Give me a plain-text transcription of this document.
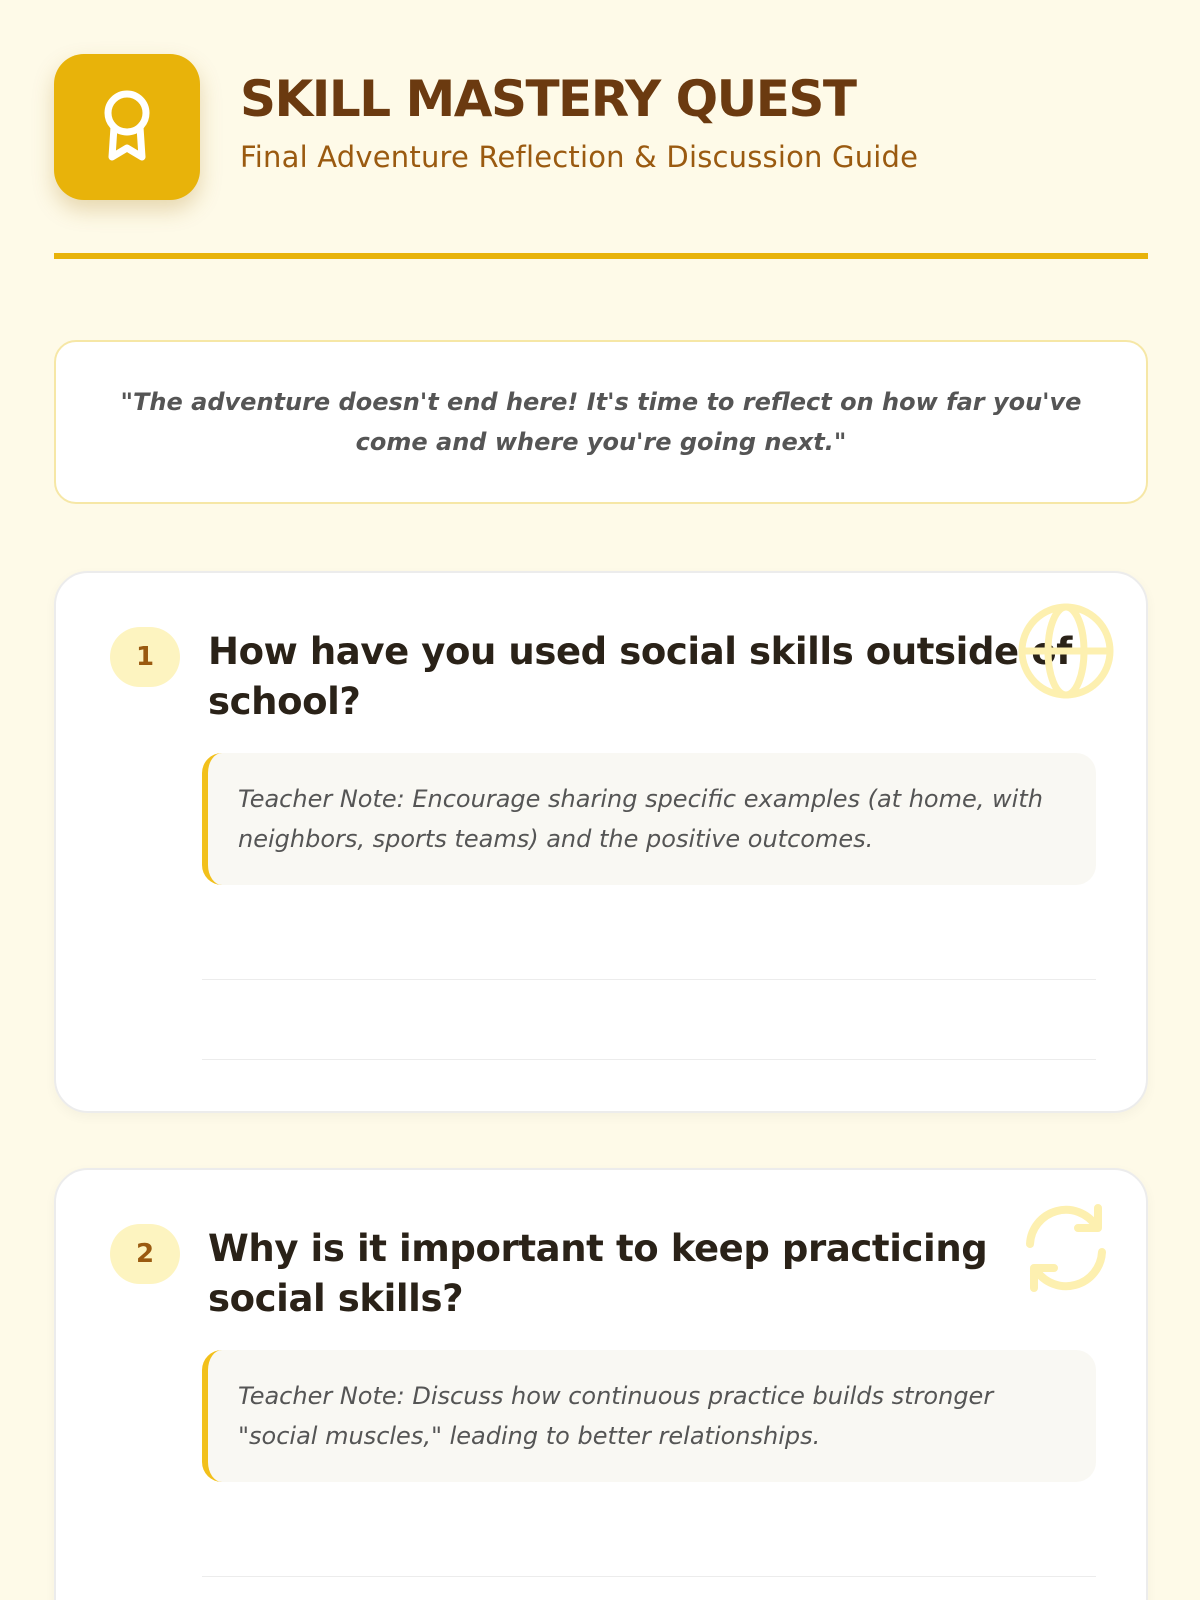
SKILL MASTERY QUEST
Final Adventure Reflection & Discussion Guide
"The adventure doesn't end here! It's time to reflect on how far you've come and where you're going next."
1	How have you used social skills outside of school?
Teacher Note: Encourage sharing specific examples (at home, with neighbors, sports teams) and the positive outcomes.
2	Why is it important to keep practicing social skills?
Teacher Note: Discuss how continuous practice builds stronger "social muscles," leading to better relationships.
